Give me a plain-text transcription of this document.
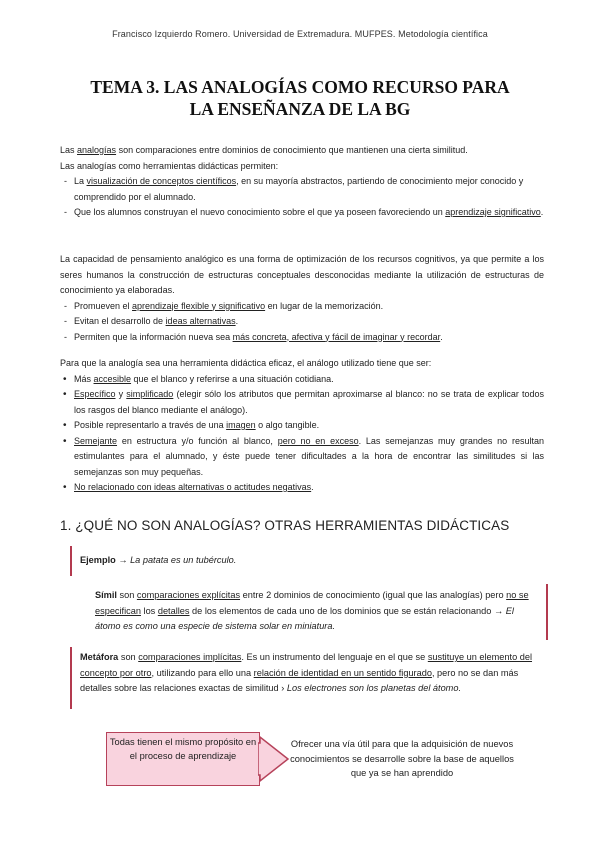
Francisco Izquierdo Romero. Universidad de Extremadura. MUFPES. Metodología científica
TEMA 3. LAS ANALOGÍAS COMO RECURSO PARA
LA ENSEÑANZA DE LA BG

Las analogías son comparaciones entre dominios de conocimiento que mantienen una cierta similitud.

Las analogías como herramientas didácticas permiten:

- La visualización de conceptos científicos, en su mayoría abstractos, partiendo de conocimiento mejor conocido y comprendido por el alumnado.
- Que los alumnos construyan el nuevo conocimiento sobre el que ya poseen favoreciendo un aprendizaje significativo.

La capacidad de pensamiento analógico es una forma de optimización de los recursos cognitivos, ya que permite a los seres humanos la construcción de estructuras conceptuales desconocidas mediante la utilización de estructuras de conocimiento ya elaboradas.

- Promueven el aprendizaje flexible y significativo en lugar de la memorización.
- Evitan el desarrollo de ideas alternativas.
- Permiten que la información nueva sea más concreta, afectiva y fácil de imaginar y recordar.

Para que la analogía sea una herramienta didáctica eficaz, el análogo utilizado tiene que ser:

• Más accesible que el blanco y referirse a una situación cotidiana.
• Específico y simplificado (elegir sólo los atributos que permitan aproximarse al blanco: no se trata de explicar todos los rasgos del blanco mediante el análogo).
• Posible representarlo a través de una imagen o algo tangible.
• Semejante en estructura y/o función al blanco, pero no en exceso. Las semejanzas muy grandes no resultan estimulantes para el alumnado, y éste puede tener dificultades a la hora de encontrar las similitudes si las semejanzas son muy pequeñas.
• No relacionado con ideas alternativas o actitudes negativas.
1. ¿QUÉ NO SON ANALOGÍAS? OTRAS HERRAMIENTAS DIDÁCTICAS
Ejemplo → La patata es un tubérculo.
Símil son comparaciones explícitas entre 2 dominios de conocimiento (igual que las analogías) pero no se especifican los detalles de los elementos de cada uno de los dominios que se están relacionando → El átomo es como una especie de sistema solar en miniatura.
Metáfora son comparaciones implícitas. Es un instrumento del lenguaje en el que se sustituye un elemento del concepto por otro, utilizando para ello una relación de identidad en un sentido figurado, pero no se dan más detalles sobre las relaciones exactas de similitud › Los electrones son los planetas del átomo.
Todas tienen el mismo propósito en el proceso de aprendizaje
Ofrecer una vía útil para que la adquisición de nuevos conocimientos se desarrolle sobre la base de aquellos que ya se han aprendido
